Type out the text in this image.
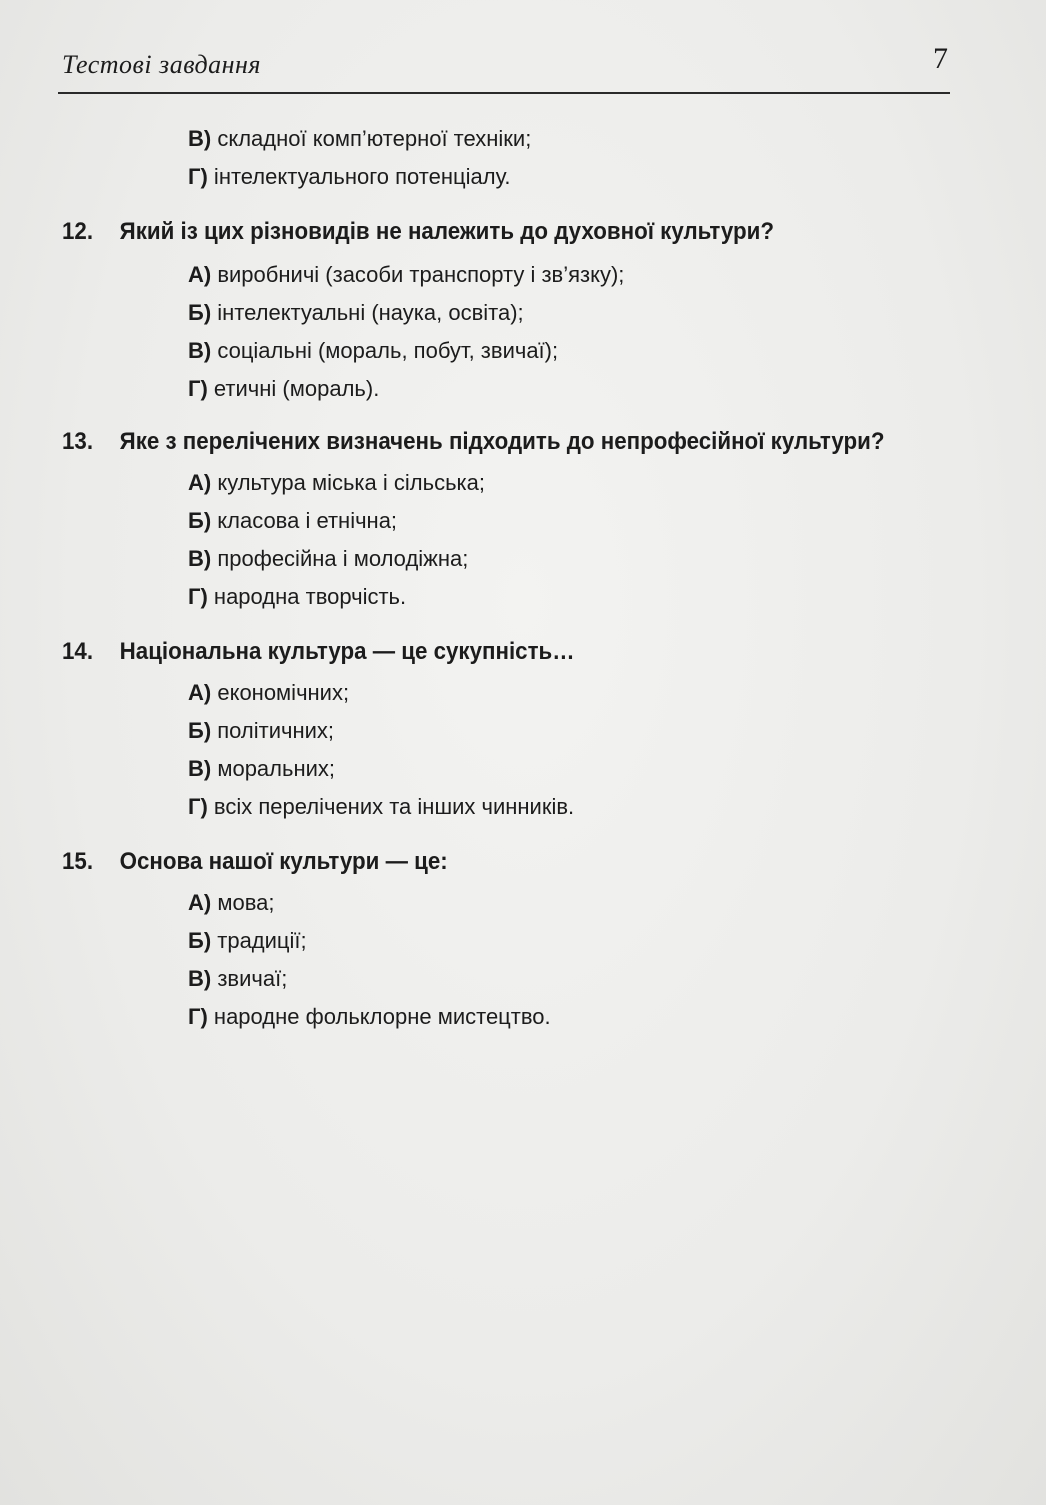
Тестові завдання	7
В) складної комп’ютерної техніки;
Г) інтелектуального потенціалу.
12. Який із цих різновидів не належить до духовної культури?
А) виробничі (засоби транспорту і зв’язку);
Б) інтелектуальні (наука, освіта);
В) соціальні (мораль, побут, звичаї);
Г) етичні (мораль).
13. Яке з перелічених визначень підходить до непрофесійної культури?
А) культура міська і сільська;
Б) класова і етнічна;
В) професійна і молодіжна;
Г) народна творчість.
14. Національна культура — це сукупність…
А) економічних;
Б) політичних;
В) моральних;
Г) всіх перелічених та інших чинників.
15. Основа нашої культури — це:
А) мова;
Б) традиції;
В) звичаї;
Г) народне фольклорне мистецтво.
